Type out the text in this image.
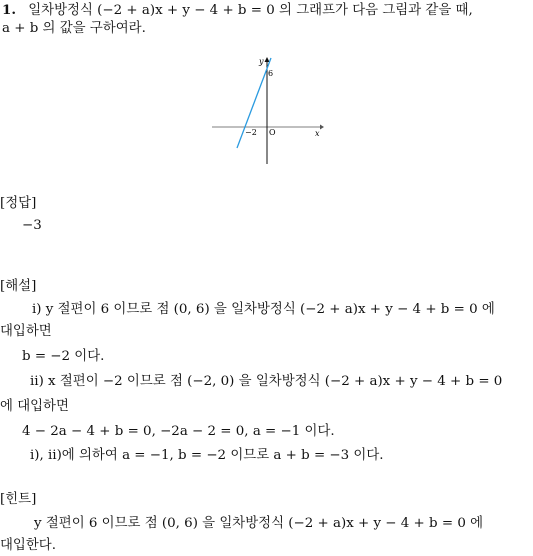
1. 일차방정식 (−2 + a)x + y − 4 + b = 0 의 그래프가 다음 그림과 같을 때,
a + b 의 값을 구하여라.
y
x
O
6
−2
[정답]
−3
[해설]
ⅰ) y 절편이 6 이므로 점 (0, 6) 을 일차방정식 (−2 + a)x + y − 4 + b = 0 에
대입하면
b = −2 이다.
ⅱ) x 절편이 −2 이므로 점 (−2, 0) 을 일차방정식 (−2 + a)x + y − 4 + b = 0
에 대입하면
4 − 2a − 4 + b = 0, −2a − 2 = 0, a = −1 이다.
ⅰ), ⅱ)에 의하여 a = −1, b = −2 이므로 a + b = −3 이다.
[힌트]
y 절편이 6 이므로 점 (0, 6) 을 일차방정식 (−2 + a)x + y − 4 + b = 0 에
대입한다.
